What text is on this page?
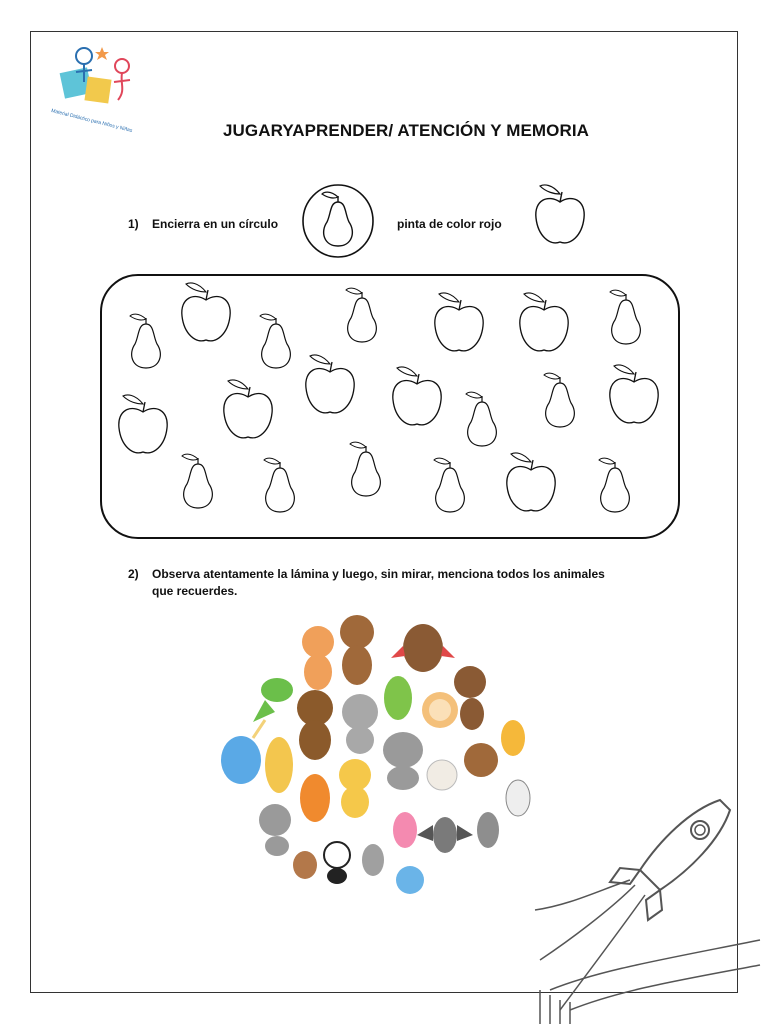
Material Didáctico para Niños y Niñas	JUGARYAPRENDER/ ATENCIÓN Y MEMORIA
1) Encierra en un círculo	pinta de color rojo
2) Observa atentamente la lámina y luego, sin mirar, menciona todos los animales que recuerdes.
